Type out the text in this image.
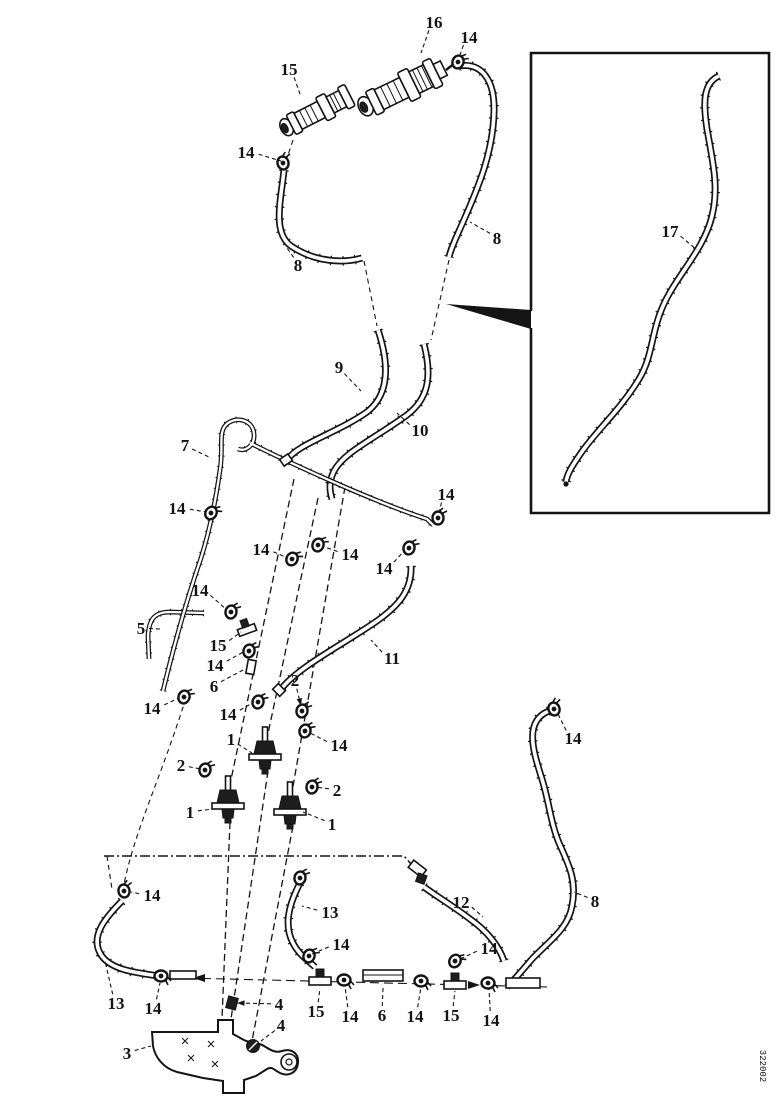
16
14
15
14
8
8
17
9
10
7
14
14
14	14
14
11
5
14
15
14
6
14	14
2
14
1
2
2
1
1
14
8
14
13 14
3
4
4
13
14
15 14 6 14 15 14
12
14
322002
